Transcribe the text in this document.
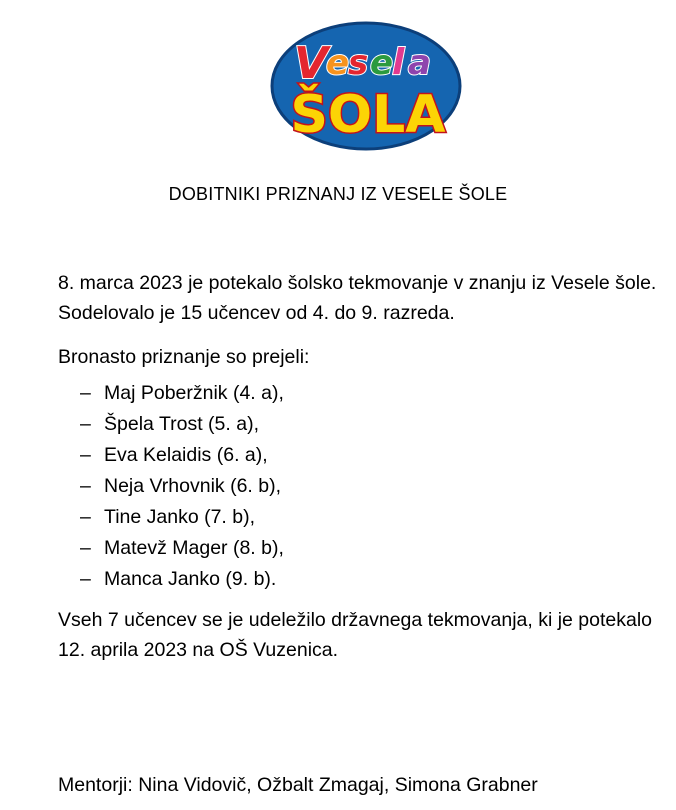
V
e
s e
l a
ŠOLA
DOBITNIKI PRIZNANJ IZ VESELE ŠOLE

8. marca 2023 je potekalo šolsko tekmovanje v znanju iz Vesele šole. Sodelovalo je 15 učencev od 4. do 9. razreda.

Bronasto priznanje so prejeli:

– Maj Poberžnik (4. a),
– Špela Trost (5. a),
– Eva Kelaidis (6. a),
– Neja Vrhovnik (6. b),
– Tine Janko (7. b),
– Matevž Mager (8. b),
– Manca Janko (9. b).

Vseh 7 učencev se je udeležilo državnega tekmovanja, ki je potekalo 12. aprila 2023 na OŠ Vuzenica.

Mentorji: Nina Vidovič, Ožbalt Zmagaj, Simona Grabner
